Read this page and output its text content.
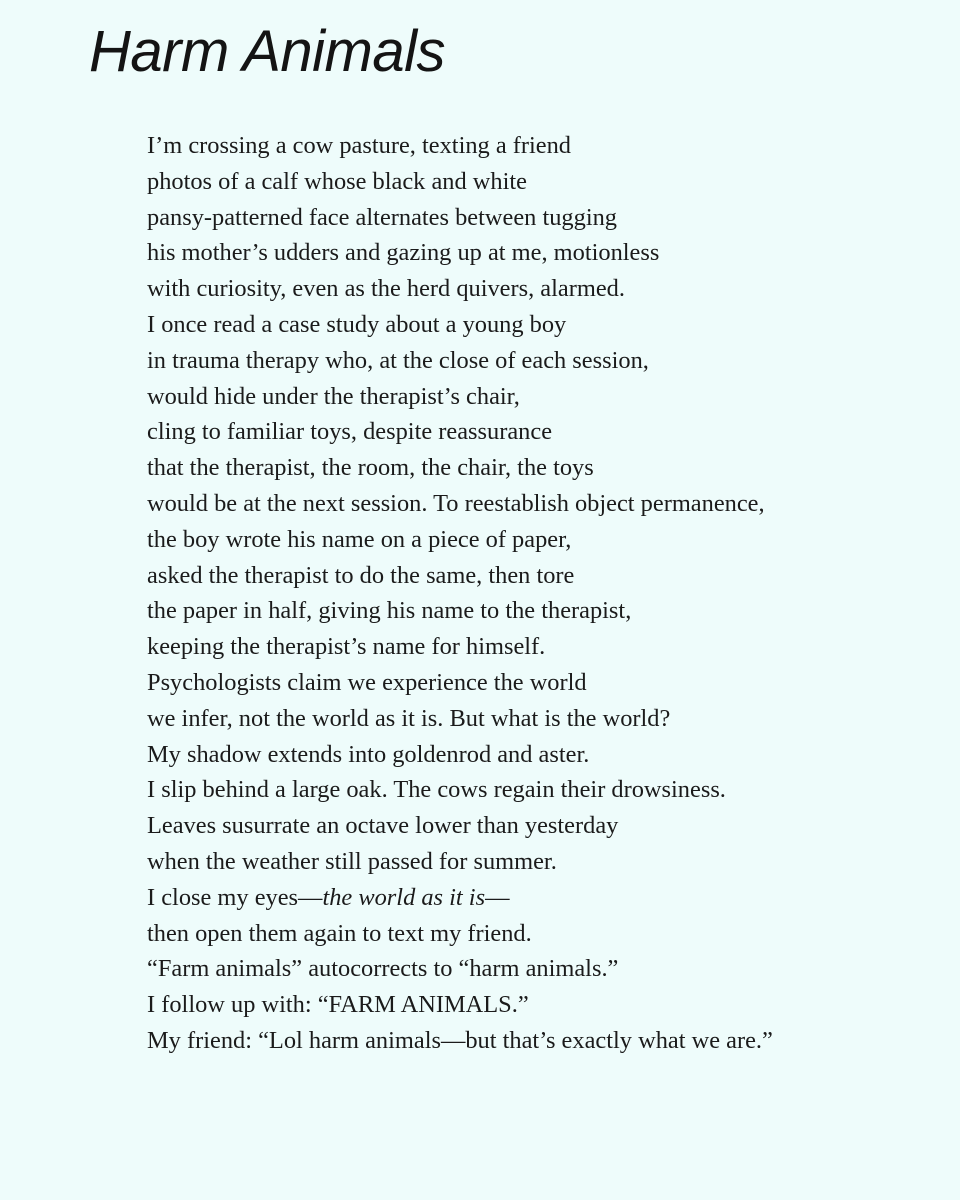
Harm Animals
I’m crossing a cow pasture, texting a friend
photos of a calf whose black and white
pansy-patterned face alternates between tugging
his mother’s udders and gazing up at me, motionless
with curiosity, even as the herd quivers, alarmed.
I once read a case study about a young boy
in trauma therapy who, at the close of each session,
would hide under the therapist’s chair,
cling to familiar toys, despite reassurance
that the therapist, the room, the chair, the toys
would be at the next session. To reestablish object permanence,
the boy wrote his name on a piece of paper,
asked the therapist to do the same, then tore
the paper in half, giving his name to the therapist,
keeping the therapist’s name for himself.
Psychologists claim we experience the world
we infer, not the world as it is. But what is the world?
My shadow extends into goldenrod and aster.
I slip behind a large oak. The cows regain their drowsiness.
Leaves susurrate an octave lower than yesterday
when the weather still passed for summer.
I close my eyes—the world as it is—
then open them again to text my friend.
“Farm animals” autocorrects to “harm animals.”
I follow up with: “FARM ANIMALS.”
My friend: “Lol harm animals—but that’s exactly what we are.”
